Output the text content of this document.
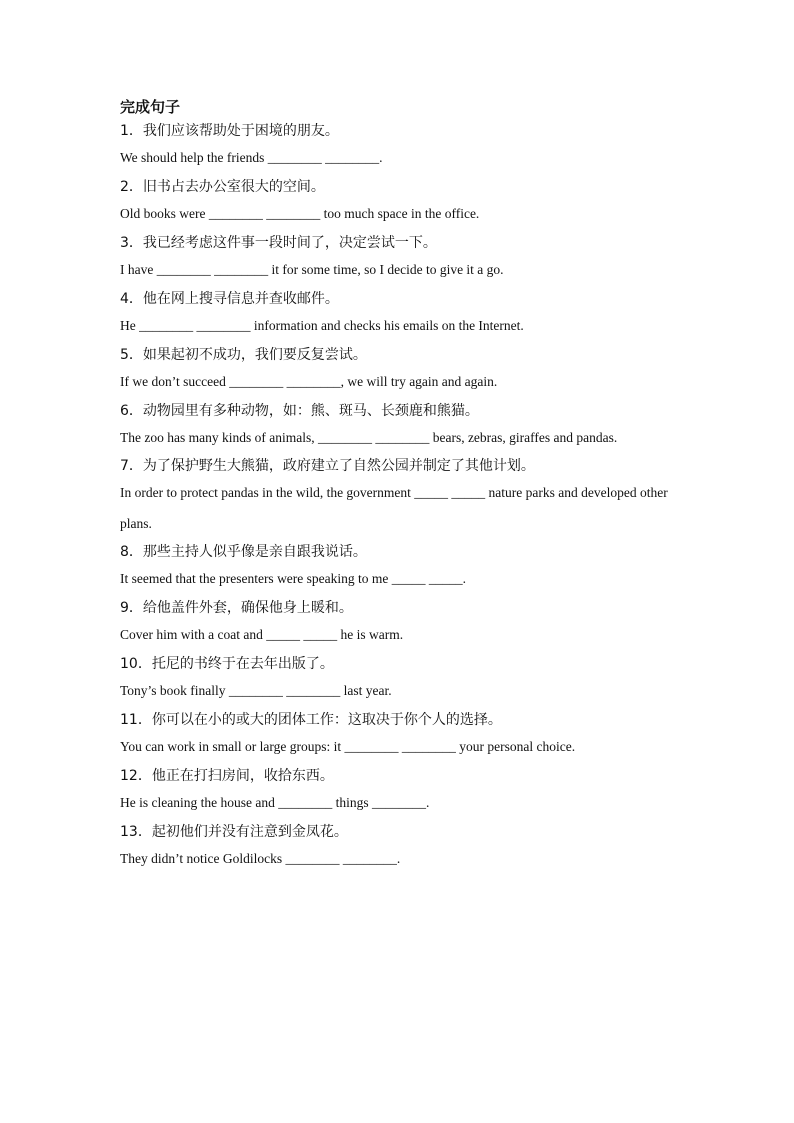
完成句子
1．我们应该帮助处于困境的朋友。
We should help the friends ________ ________.
2．旧书占去办公室很大的空间。
Old books were ________ ________ too much space in the office.
3．我已经考虑这件事一段时间了，决定尝试一下。
I have ________ ________ it for some time, so I decide to give it a go.
4．他在网上搜寻信息并查收邮件。
He ________ ________ information and checks his emails on the Internet.
5．如果起初不成功，我们要反复尝试。
If we don’t succeed ________ ________, we will try again and again.
6．动物园里有多种动物，如：熊、斑马、长颈鹿和熊猫。
The zoo has many kinds of animals, ________ ________ bears, zebras, giraffes and pandas.
7．为了保护野生大熊猫，政府建立了自然公园并制定了其他计划。
In order to protect pandas in the wild, the government _____ _____ nature parks and developed other plans.
8．那些主持人似乎像是亲自跟我说话。
It seemed that the presenters were speaking to me _____ _____.
9．给他盖件外套，确保他身上暖和。
Cover him with a coat and _____ _____ he is warm.
10．托尼的书终于在去年出版了。
Tony’s book finally ________ ________ last year.
11．你可以在小的或大的团体工作：这取决于你个人的选择。
You can work in small or large groups: it ________ ________ your personal choice.
12．他正在打扫房间，收拾东西。
He is cleaning the house and ________ things ________.
13．起初他们并没有注意到金凤花。
They didn’t notice Goldilocks ________ ________.
